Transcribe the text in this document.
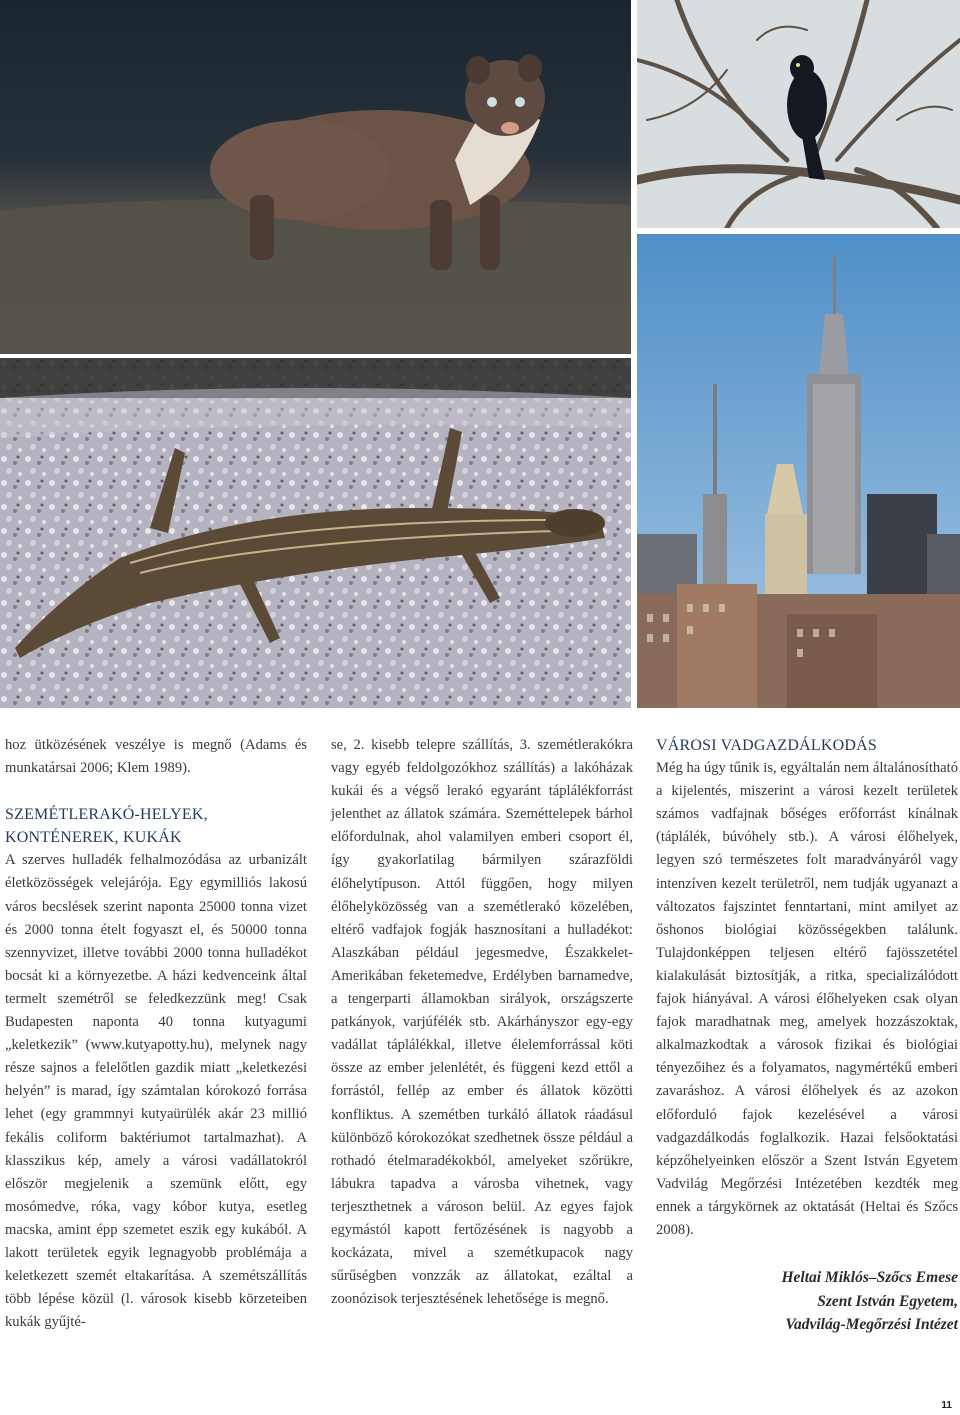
hoz ütközésének veszélye is megnő (Adams és munkatársai 2006; Klem 1989).

SZEMÉTLERAKÓ-HELYEK,

KONTÉNEREK, KUKÁK

A szerves hulladék felhalmozódása az urbanizált életközösségek velejárója. Egy egymilliós lakosú város becslések szerint naponta 25000 tonna vizet és 2000 tonna ételt fogyaszt el, és 50000 tonna szennyvizet, illetve további 2000 tonna hulladékot bocsát ki a környezetbe. A házi kedvenceink által termelt szemétről se feledkezzünk meg! Csak Budapesten naponta 40 tonna kutyagumi „keletkezik” (www.kutyapotty.hu), melynek nagy része sajnos a felelőtlen gazdik miatt „keletkezési helyén” is marad, így számtalan kórokozó forrása lehet (egy grammnyi kutyaürülék akár 23 millió fekális coliform baktériumot tartalmazhat). A klasszikus kép, amely a városi vadállatokról először megjelenik a szemünk előtt, egy mosómedve, róka, vagy kóbor kutya, esetleg macska, amint épp szemetet eszik egy kukából. A lakott területek egyik legnagyobb problémája a keletkezett szemét eltakarítása. A szemétszállítás több lépése közül (l. városok kisebb körzeteiben kukák gyűjté-

se, 2. kisebb telepre szállítás, 3. szemétlerakókra vagy egyéb feldolgozókhoz szállítás) a lakóházak kukái és a végső lerakó egyaránt táplálékforrást jelenthet az állatok számára. Szeméttelepek bárhol előfordulnak, ahol valamilyen emberi csoport él, így gyakorlatilag bármilyen szárazföldi élőhelytípuson. Attól függően, hogy milyen élőhelyközösség van a szemétlerakó közelében, eltérő vadfajok fogják hasznosítani a hulladékot: Alaszkában például jegesmedve, Északkelet-Amerikában feketemedve, Erdélyben barnamedve, a tengerparti államokban sirályok, országszerte patkányok, varjúfélék stb. Akárhányszor egy-egy vadállat táplálékkal, illetve élelemforrással köti össze az ember jelenlétét, és függeni kezd ettől a forrástól, fellép az ember és állatok közötti konfliktus. A szemétben turkáló állatok ráadásul különböző kórokozókat szedhetnek össze például a rothadó ételmaradékokból, amelyeket szőrükre, lábukra tapadva a városba vihetnek, vagy terjeszthetnek a városon belül. Az egyes fajok egymástól kapott fertőzésének is nagyobb a kockázata, mivel a szemétkupacok nagy sűrűségben vonzzák az állatokat, ezáltal a zoonózisok terjesztésének lehetősége is megnő.

VÁROSI VADGAZDÁLKODÁS

Még ha úgy tűnik is, egyáltalán nem általánosítható a kijelentés, miszerint a városi kezelt területek számos vadfajnak bőséges erőforrást kínálnak (táplálék, búvóhely stb.). A városi élőhelyek, legyen szó természetes folt maradványáról vagy intenzíven kezelt területről, nem tudják ugyanazt a változatos fajszintet fenntartani, mint amilyet az őshonos biológiai közösségekben találunk. Tulajdonképpen teljesen eltérő fajösszetétel kialakulását biztosítják, a ritka, specializálódott fajok hiányával. A városi élőhelyeken csak olyan fajok maradhatnak meg, amelyek hozzászoktak, alkalmazkodtak a városok fizikai és biológiai tényezőihez és a folyamatos, nagymértékű emberi zavaráshoz. A városi élőhelyek és az azokon előforduló fajok kezelésével a városi vadgazdálkodás foglalkozik. Hazai felsőoktatási képzőhelyeinken először a Szent István Egyetem Vadvilág Megőrzési Intézetében kezdték meg ennek a tárgykörnek az oktatását (Heltai és Szőcs 2008).

Heltai Miklós–Szőcs Emese
Szent István Egyetem,
Vadvilág-Megőrzési Intézet
11
